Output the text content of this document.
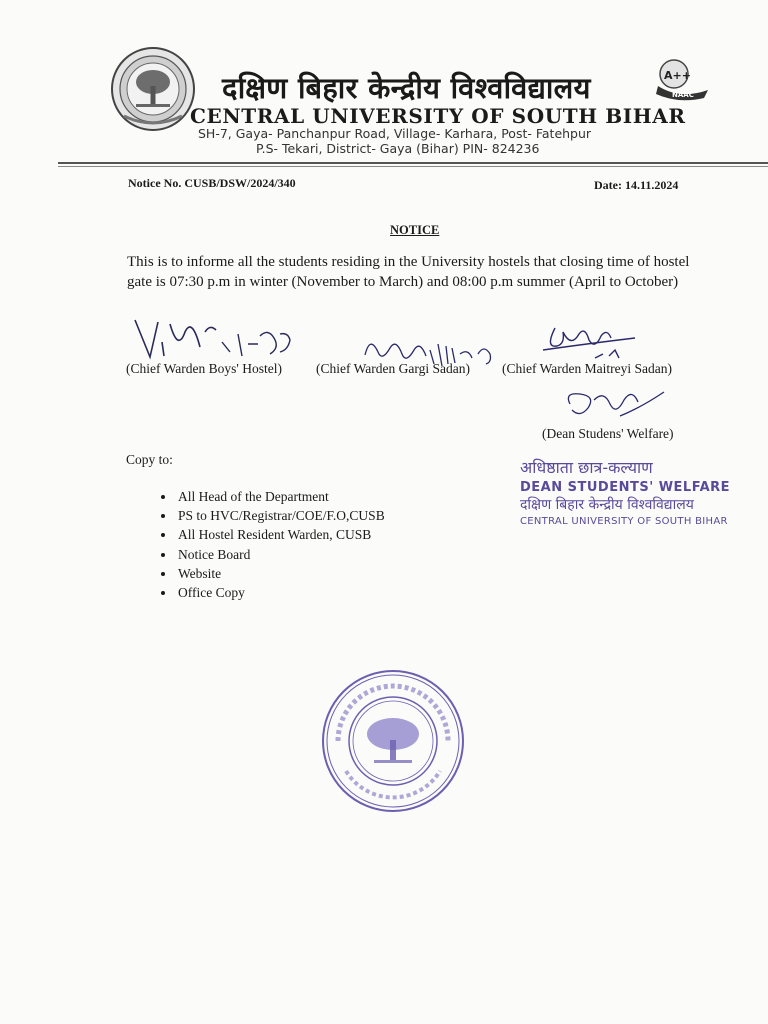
A++
NAAC
दक्षिण बिहार केन्द्रीय विश्वविद्यालय
CENTRAL UNIVERSITY OF SOUTH BIHAR
SH-7, Gaya- Panchanpur Road, Village- Karhara, Post- Fatehpur
P.S- Tekari, District- Gaya (Bihar) PIN- 824236
Notice No. CUSB/DSW/2024/340	Date: 14.11.2024
NOTICE
This is to informe all the students residing in the University hostels that closing time of hostel gate is 07:30 p.m in winter (November to March) and 08:00 p.m summer (April to October)
(Chief Warden Boys' Hostel)	(Chief Warden Gargi Sadan) (Chief Warden Maitreyi Sadan)
(Dean Studens' Welfare)
अधिष्ठाता छात्र-कल्याण
DEAN STUDENTS' WELFARE
दक्षिण बिहार केन्द्रीय विश्वविद्यालय
CENTRAL UNIVERSITY OF SOUTH BIHAR
Copy to:
• All Head of the Department
• PS to HVC/Registrar/COE/F.O,CUSB
• All Hostel Resident Warden, CUSB
• Notice Board
• Website
• Office Copy
